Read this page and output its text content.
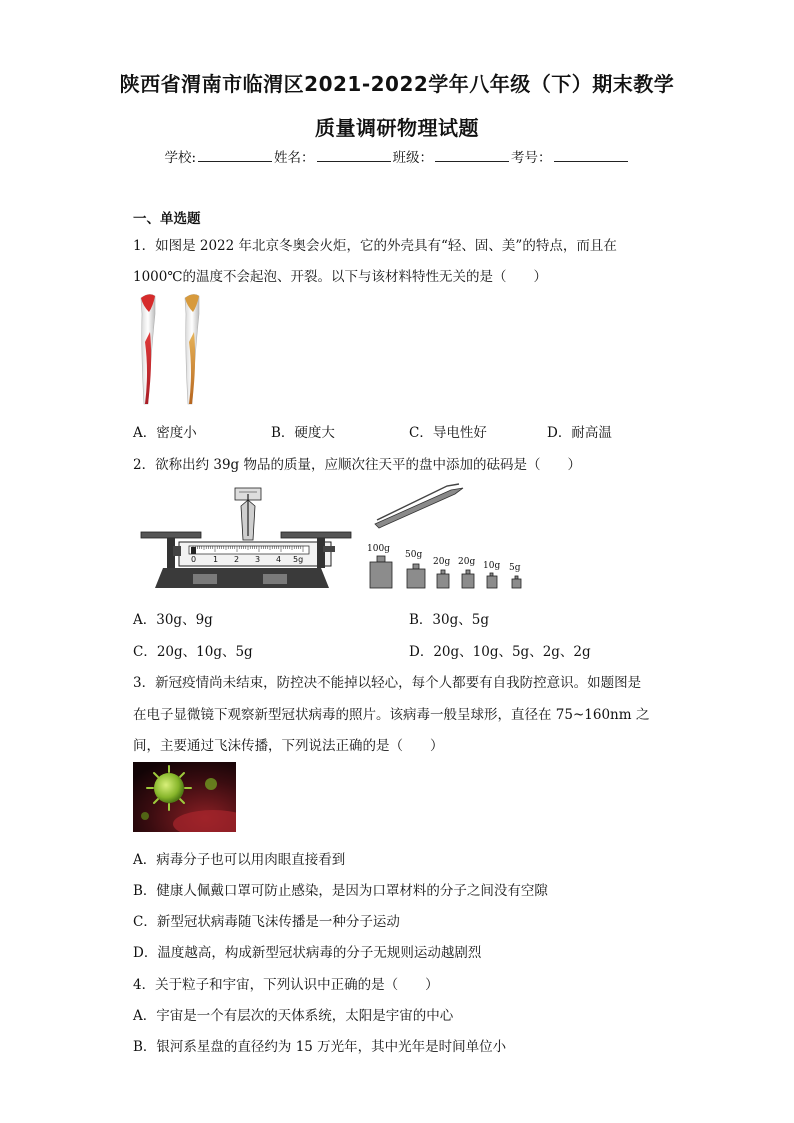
陕西省渭南市临渭区2021-2022学年八年级（下）期末教学
质量调研物理试题
学校:	姓名：	班级：	考号：
一、单选题
1．如图是 2022 年北京冬奥会火炬，它的外壳具有“轻、固、美”的特点，而且在
1000℃的温度不会起泡、开裂。以下与该材料特性无关的是（　　）
A．密度小	B．硬度大	C．导电性好	D．耐高温
2．欲称出约 39g 物品的质量，应顺次往天平的盘中添加的砝码是（　　）
0 1 2 3 4 5g
100g
50g
20g 20g 10g 5g
A．30g、9g	B．30g、5g
C．20g、10g、5g	D．20g、10g、5g、2g、2g
3．新冠疫情尚未结束，防控决不能掉以轻心，每个人都要有自我防控意识。如题图是
在电子显微镜下观察新型冠状病毒的照片。该病毒一般呈球形，直径在 75~160nm 之
间，主要通过飞沫传播，下列说法正确的是（　　）
A．病毒分子也可以用肉眼直接看到
B．健康人佩戴口罩可防止感染，是因为口罩材料的分子之间没有空隙
C．新型冠状病毒随飞沫传播是一种分子运动
D．温度越高，构成新型冠状病毒的分子无规则运动越剧烈
4．关于粒子和宇宙，下列认识中正确的是（　　）
A．宇宙是一个有层次的天体系统，太阳是宇宙的中心
B．银河系星盘的直径约为 15 万光年，其中光年是时间单位小
